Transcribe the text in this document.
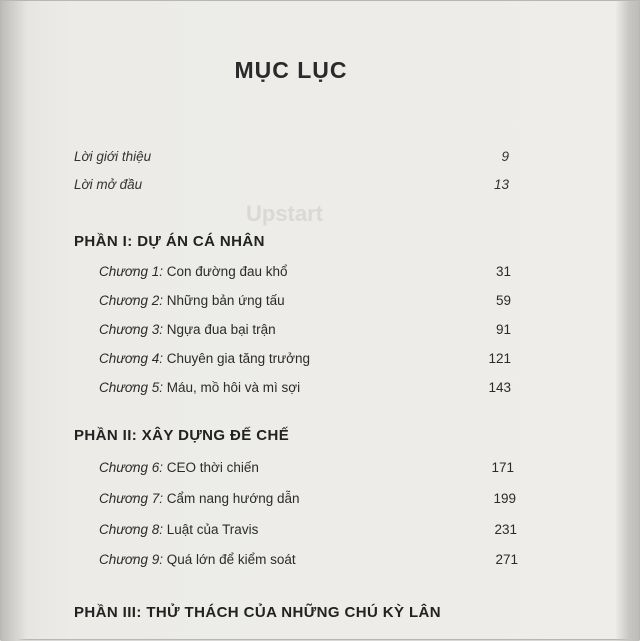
Upstart
MỤC LỤC
Lời giới thiệu	9
Lời mở đầu	13
PHẦN I: DỰ ÁN CÁ NHÂN
Chương 1: Con đường đau khổ	31
Chương 2: Những bản ứng tấu	59
Chương 3: Ngựa đua bại trận	91
Chương 4: Chuyên gia tăng trưởng	121
Chương 5: Máu, mồ hôi và mì sợi	143
PHẦN II: XÂY DỰNG ĐẾ CHẾ
Chương 6: CEO thời chiến	171
Chương 7: Cẩm nang hướng dẫn	199
Chương 8: Luật của Travis	231
Chương 9: Quá lớn để kiểm soát	271
PHẦN III: THỬ THÁCH CỦA NHỮNG CHÚ KỲ LÂN
